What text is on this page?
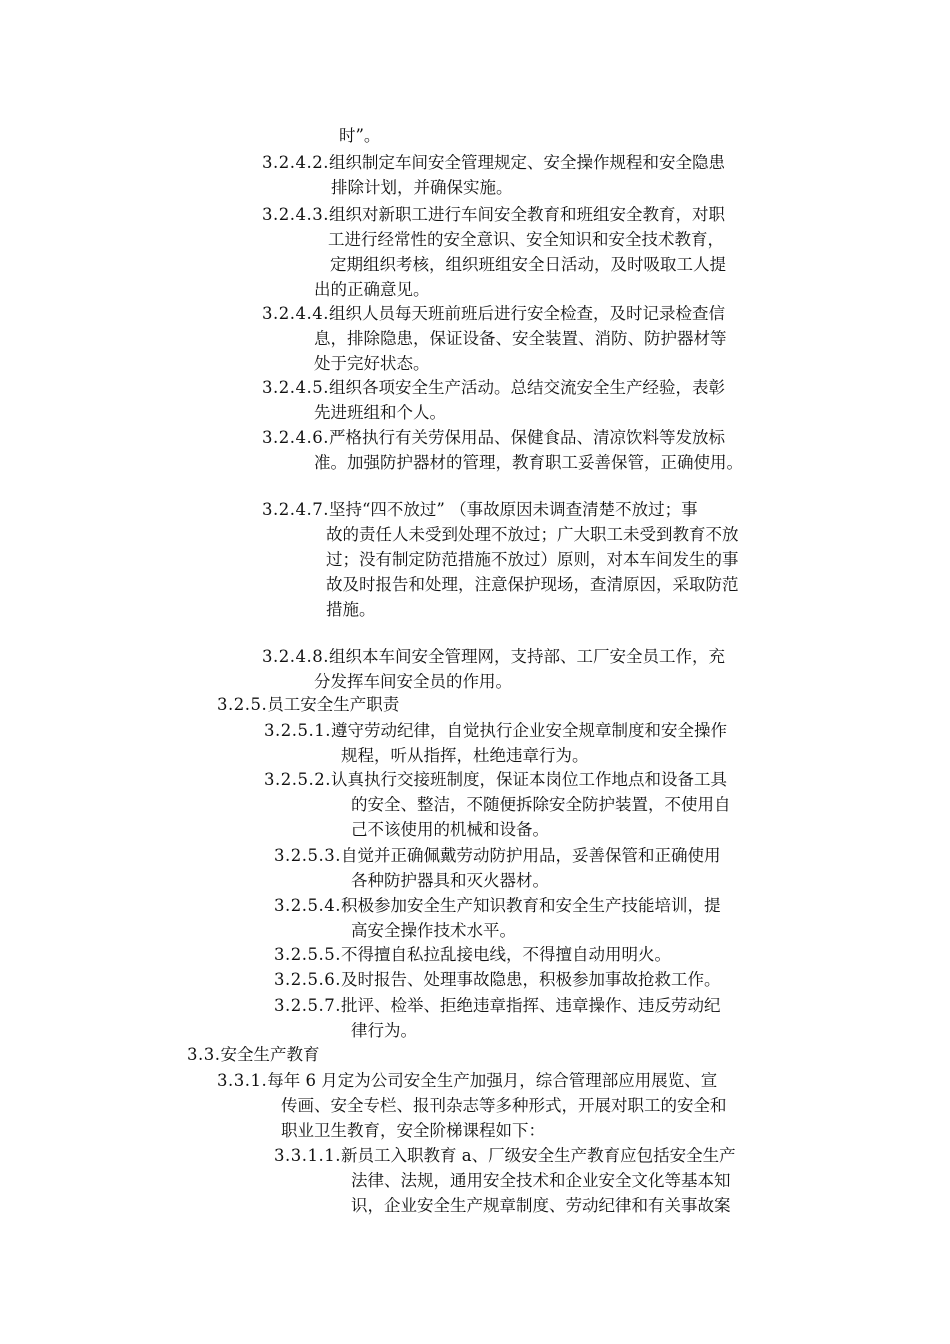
时”。
3.2.4.2.组织制定车间安全管理规定、安全操作规程和安全隐患
排除计划，并确保实施。
3.2.4.3.组织对新职工进行车间安全教育和班组安全教育，对职
工进行经常性的安全意识、安全知识和安全技术教育，
定期组织考核，组织班组安全日活动，及时吸取工人提
出的正确意见。
3.2.4.4.组织人员每天班前班后进行安全检查，及时记录检查信
息，排除隐患，保证设备、安全装置、消防、防护器材等
处于完好状态。
3.2.4.5.组织各项安全生产活动。总结交流安全生产经验，表彰
先进班组和个人。
3.2.4.6.严格执行有关劳保用品、保健食品、清凉饮料等发放标
准。加强防护器材的管理，教育职工妥善保管，正确使用。
3.2.4.7.坚持“四不放过” （事故原因未调查清楚不放过；事
故的责任人未受到处理不放过；广大职工未受到教育不放
过；没有制定防范措施不放过）原则，对本车间发生的事
故及时报告和处理，注意保护现场，查清原因，采取防范
措施。
3.2.4.8.组织本车间安全管理网，支持部、工厂安全员工作，充
分发挥车间安全员的作用。
3.2.5.员工安全生产职责
3.2.5.1.遵守劳动纪律，自觉执行企业安全规章制度和安全操作
规程，听从指挥，杜绝违章行为。
3.2.5.2.认真执行交接班制度，保证本岗位工作地点和设备工具
的安全、整洁，不随便拆除安全防护装置，不使用自
己不该使用的机械和设备。
3.2.5.3.自觉并正确佩戴劳动防护用品，妥善保管和正确使用
各种防护器具和灭火器材。
3.2.5.4.积极参加安全生产知识教育和安全生产技能培训，提
高安全操作技术水平。
3.2.5.5.不得擅自私拉乱接电线，不得擅自动用明火。
3.2.5.6.及时报告、处理事故隐患，积极参加事故抢救工作。
3.2.5.7.批评、检举、拒绝违章指挥、违章操作、违反劳动纪
律行为。
3.3.安全生产教育
3.3.1.每年 6 月定为公司安全生产加强月，综合管理部应用展览、宣
传画、安全专栏、报刊杂志等多种形式，开展对职工的安全和
职业卫生教育，安全阶梯课程如下：
3.3.1.1.新员工入职教育 a、厂级安全生产教育应包括安全生产
法律、法规，通用安全技术和企业安全文化等基本知
识，企业安全生产规章制度、劳动纪律和有关事故案
